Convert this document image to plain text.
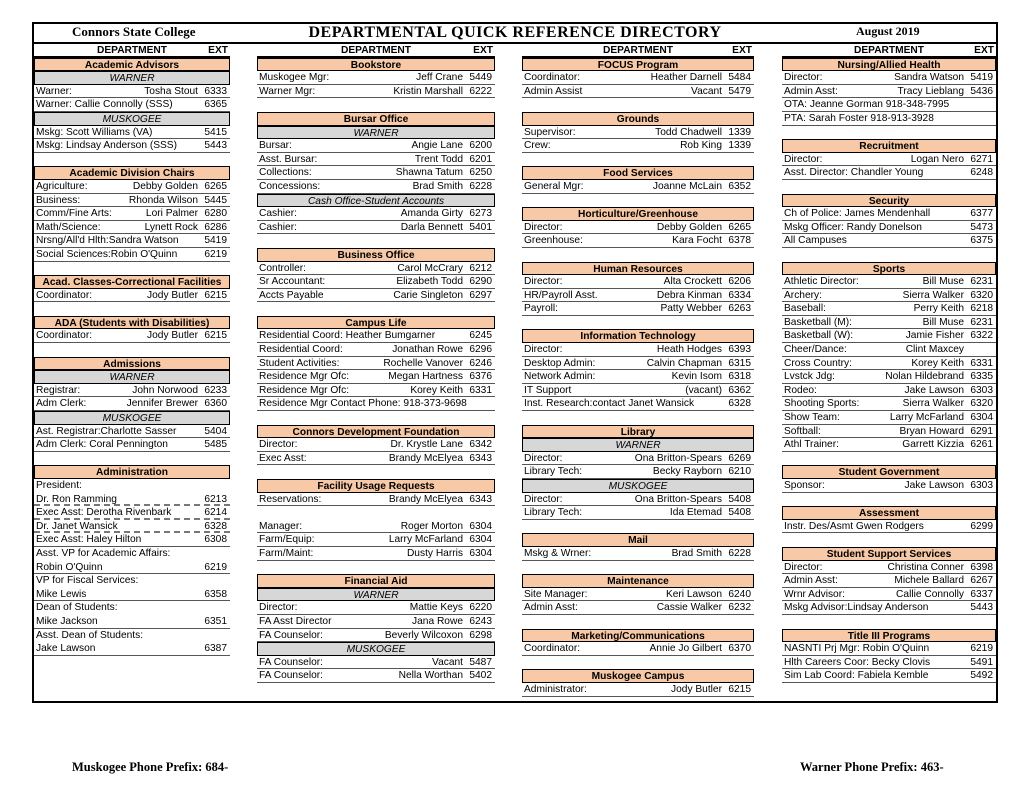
Connors State College	DEPARTMENTAL QUICK REFERENCE DIRECTORY	August 2019
DEPARTMENT	EXT
Academic Advisors
WARNER
Warner:	Tosha Stout 6333
Warner: Callie Connolly (SSS)	6365
MUSKOGEE
Mskg: Scott Williams (VA)	5415
Mskg: Lindsay Anderson (SSS)	5443
Academic Division Chairs
Agriculture:	Debby Golden 6265
Business:	Rhonda Wilson 5445
Comm/Fine Arts:	Lori Palmer 6280
Math/Science:	Lynett Rock 6286
Nrsng/All'd Hlth:Sandra Watson	5419
Social Sciences:Robin O'Quinn	6219
Acad. Classes-Correctional Facilities
Coordinator:	Jody Butler 6215
ADA (Students with Disabilities)
Coordinator:	Jody Butler 6215
Admissions
WARNER
Registrar:	John Norwood 6233
Adm Clerk:	Jennifer Brewer 6360
MUSKOGEE
Ast. Registrar:Charlotte Sasser	5404
Adm Clerk: Coral Pennington	5485
Administration
President:
Dr. Ron Ramming	6213
Exec Asst: Derotha Rivenbark	6214
Dr. Janet Wansick	6328
Exec Asst: Haley Hilton	6308
Asst. VP for Academic Affairs:
Robin O'Quinn	6219
VP for Fiscal Services:
Mike Lewis	6358
Dean of Students:
Mike Jackson	6351
Asst. Dean of Students:
Jake Lawson	6387
DEPARTMENT	EXT
Bookstore
Muskogee Mgr:	Jeff Crane 5449
Warner Mgr:	Kristin Marshall 6222
Bursar Office
WARNER
Bursar:	Angie Lane 6200
Asst. Bursar:	Trent Todd 6201
Collections:	Shawna Tatum 6250
Concessions:	Brad Smith 6228
Cash Office-Student Accounts
Cashier:	Amanda Girty 6273
Cashier:	Darla Bennett 5401
Business Office
Controller:	Carol McCrary 6212
Sr Accountant:	Elizabeth Todd 6290
Accts Payable	Carie Singleton 6297
Campus Life
Residential Coord: Heather Bumgarner	6245
Residential Coord:	Jonathan Rowe 6296
Student Activities:	Rochelle Vanover 6246
Residence Mgr Ofc:	Megan Hartness 6376
Residence Mgr Ofc:	Korey Keith 6331
Residence Mgr Contact Phone: 918-373-9698
Connors Development Foundation
Director:	Dr. Krystle Lane 6342
Exec Asst:	Brandy McElyea 6343
Facility Usage Requests
Reservations:	Brandy McElyea 6343
Manager:	Roger Morton 6304
Farm/Equip:	Larry McFarland 6304
Farm/Maint:	Dusty Harris 6304
Financial Aid
WARNER
Director:	Mattie Keys 6220
FA Asst Director	Jana Rowe 6243
FA Counselor:	Beverly Wilcoxon 6298
MUSKOGEE
FA Counselor:	Vacant 5487
FA Counselor:	Nella Worthan 5402
DEPARTMENT	EXT
FOCUS Program
Coordinator:	Heather Darnell 5484
Admin Assist	Vacant 5479
Grounds
Supervisor:	Todd Chadwell 1339
Crew:	Rob King 1339
Food Services
General Mgr:	Joanne McLain 6352
Horticulture/Greenhouse
Director:	Debby Golden 6265
Greenhouse:	Kara Focht 6378
Human Resources
Director:	Alta Crockett 6206
HR/Payroll Asst.	Debra Kinman 6334
Payroll:	Patty Webber 6263
Information Technology
Director:	Heath Hodges 6393
Desktop Admin:	Calvin Chapman 6315
Network Admin:	Kevin Isom 6318
IT Support	(vacant) 6362
Inst. Research:contact Janet Wansick	6328
Library
WARNER
Director:	Ona Britton-Spears 6269
Library Tech:	Becky Rayborn 6210
MUSKOGEE
Director:	Ona Britton-Spears 5408
Library Tech:	Ida Etemad 5408
Mail
Mskg & Wrner:	Brad Smith 6228
Maintenance
Site Manager:	Keri Lawson 6240
Admin Asst:	Cassie Walker 6232
Marketing/Communications
Coordinator:	Annie Jo Gilbert 6370
Muskogee Campus
Administrator:	Jody Butler 6215
DEPARTMENT	EXT
Nursing/Allied Health
Director:	Sandra Watson 5419
Admin Asst:	Tracy Lieblang 5436
OTA: Jeanne Gorman 918-348-7995
PTA: Sarah Foster 918-913-3928
Recruitment
Director:	Logan Nero 6271
Asst. Director: Chandler Young	6248
Security
Ch of Police: James Mendenhall	6377
Mskg Officer: Randy Donelson	5473
All Campuses	6375
Sports
Athletic Director:	Bill Muse 6231
Archery:	Sierra Walker 6320
Baseball:	Perry Keith 6218
Basketball (M):	Bill Muse 6231
Basketball (W):	Jamie Fisher 6322
Cheer/Dance:	Clint Maxcey
Cross Country:	Korey Keith 6331
Lvstck Jdg:	Nolan Hildebrand 6335
Rodeo:	Jake Lawson 6303
Shooting Sports:	Sierra Walker 6320
Show Team:	Larry McFarland 6304
Softball:	Bryan Howard 6291
Athl Trainer:	Garrett Kizzia 6261
Student Government
Sponsor:	Jake Lawson 6303
Assessment
Instr. Des/Asmt Gwen Rodgers	6299
Student Support Services
Director:	Christina Conner 6398
Admin Asst:	Michele Ballard 6267
Wrnr Advisor:	Callie Connolly 6337
Mskg Advisor:Lindsay Anderson	5443
Title III Programs
NASNTI Prj Mgr: Robin O'Quinn	6219
Hlth Careers Coor: Becky Clovis	5491
Sim Lab Coord: Fabiela Kemble	5492
Muskogee Phone Prefix: 684-	Warner Phone Prefix: 463-
